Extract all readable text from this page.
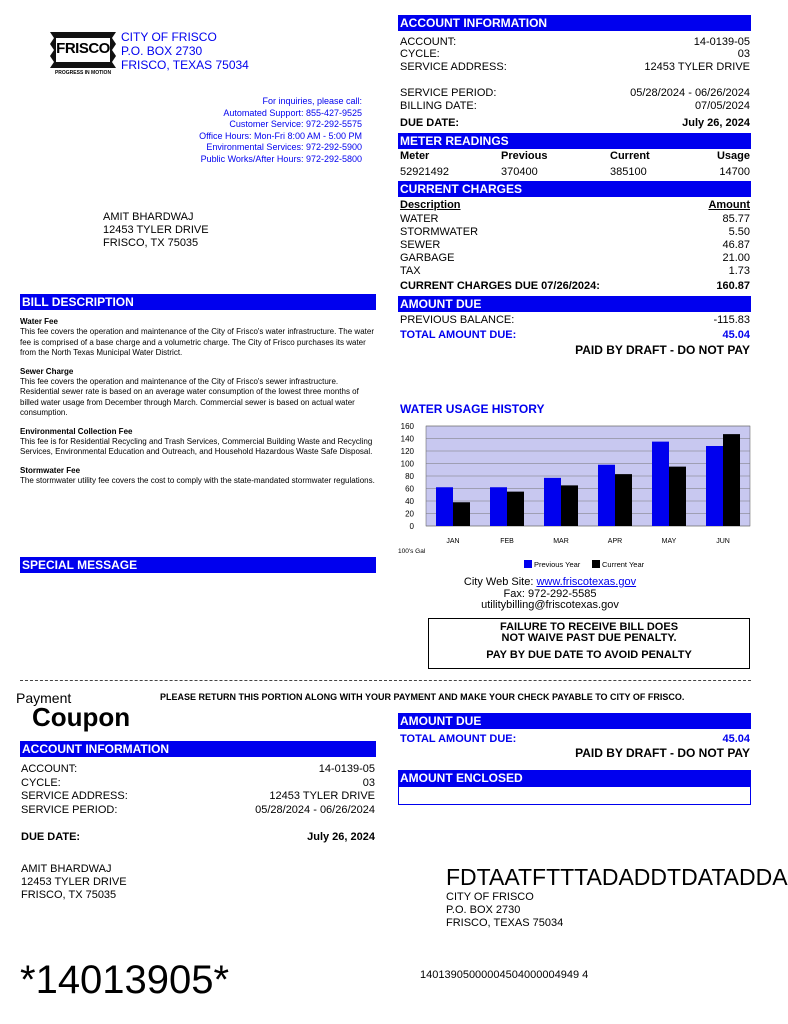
FRISCO
PROGRESS IN MOTION
CITY OF FRISCO
P.O. BOX 2730
FRISCO, TEXAS 75034
For inquiries, please call:
Automated Support: 855-427-9525
Customer Service: 972-292-5575
Office Hours: Mon-Fri 8:00 AM - 5:00 PM
Environmental Services: 972-292-5900
Public Works/After Hours: 972-292-5800
AMIT BHARDWAJ
12453 TYLER DRIVE
FRISCO, TX 75035
ACCOUNT INFORMATION
ACCOUNT:	14-0139-05
CYCLE:	03
SERVICE ADDRESS:	12453 TYLER DRIVE
SERVICE PERIOD:	05/28/2024 - 06/26/2024
BILLING DATE:	07/05/2024
DUE DATE:	July 26, 2024
METER READINGS
Meter	Previous	Current	Usage
52921492	370400	385100	14700
CURRENT CHARGES
Description	Amount
WATER	85.77
STORMWATER	5.50
SEWER	46.87
GARBAGE	21.00
TAX	1.73
CURRENT CHARGES DUE 07/26/2024:	160.87
AMOUNT DUE
PREVIOUS BALANCE:	-115.83
TOTAL AMOUNT DUE:	45.04
PAID BY DRAFT - DO NOT PAY
BILL DESCRIPTION
Water Fee

This fee covers the operation and maintenance of the City of Frisco's water infrastructure. The water fee is comprised of a base charge and a volumetric charge. The City of Frisco purchases its water from the North Texas Municipal Water District.

Sewer Charge

This fee covers the operation and maintenance of the City of Frisco's sewer infrastructure. Residential sewer rate is based on an average water consumption of the lowest three months of billed water usage from December through March. Commercial sewer is based on actual water consumption.

Environmental Collection Fee

This fee is for Residential Recycling and Trash Services, Commercial Building Waste and Recycling Services, Environmental Education and Outreach, and Household Hazardous Waste Safe Disposal.

Stormwater Fee

The stormwater utility fee covers the cost to comply with the state-mandated stormwater regulations.

SPECIAL MESSAGE
WATER USAGE HISTORY
0
20
40
60
80
100
120
140
160
JAN	FEB	MAR	APR	MAY	JUN
100's Gal
Previous Year	Current Year
City Web Site: www.friscotexas.gov
Fax: 972-292-5585
utilitybilling@friscotexas.gov
FAILURE TO RECEIVE BILL DOES
NOT WAIVE PAST DUE PENALTY.
PAY BY DUE DATE TO AVOID PENALTY
Payment
Coupon
PLEASE RETURN THIS PORTION ALONG WITH YOUR PAYMENT AND MAKE YOUR CHECK PAYABLE TO CITY OF FRISCO.
AMOUNT DUE
TOTAL AMOUNT DUE:	45.04
PAID BY DRAFT - DO NOT PAY
AMOUNT ENCLOSED
ACCOUNT INFORMATION
ACCOUNT:	14-0139-05
CYCLE:	03
SERVICE ADDRESS:	12453 TYLER DRIVE
SERVICE PERIOD:	05/28/2024 - 06/26/2024
DUE DATE:	July 26, 2024
AMIT BHARDWAJ
12453 TYLER DRIVE
FRISCO, TX 75035
FDTAATFTTTADADDTDATADDA
CITY OF FRISCO
P.O. BOX 2730
FRISCO, TEXAS 75034
*14013905*	14013905000004504000004949 4
